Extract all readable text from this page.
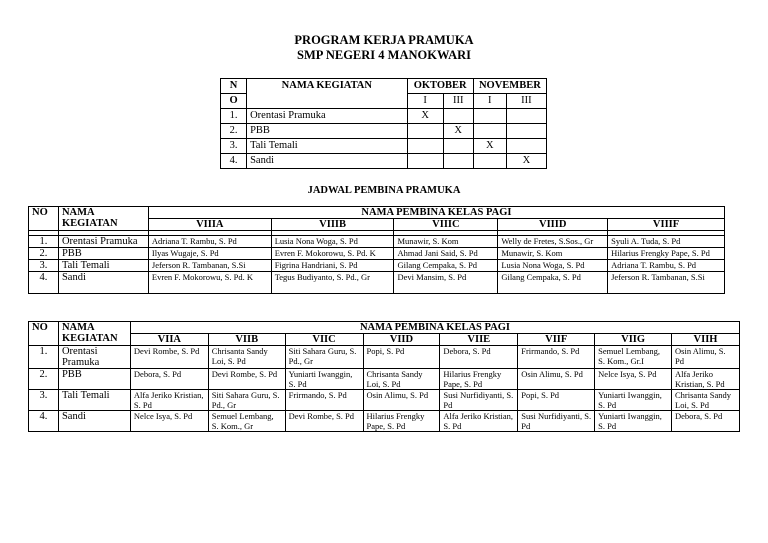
PROGRAM KERJA PRAMUKA
SMP NEGERI 4 MANOKWARI
N	NAMA KEGIATAN	OKTOBER		NOVEMBER	
O		I	III	I	III
1.	Orentasi Pramuka	X			
2.	PBB		X		
3.	Tali Temali			X	
4.	Sandi				X
JADWAL PEMBINA PRAMUKA
NO	NAMA
KEGIATAN	NAMA PEMBINA KELAS PAGI				
		VIIIA	VIIIB	VIIIC	VIIID	VIIIF

1.	Orentasi Pramuka	Adriana T. Rambu, S. Pd	Lusia Nona Woga, S. Pd	Munawir, S. Kom	Welly de Fretes, S.Sos., Gr	Syuli A. Tuda, S. Pd
2.	PBB	Ilyas Wugaje, S. Pd	Evren F. Mokorowu, S. Pd. K	Ahmad Jani Said, S. Pd	Munawir, S. Kom	Hilarius Frengky Pape, S. Pd
3.	Tali Temali	Jeferson R. Tambanan, S.Si	Figrina Handriani, S. Pd	Gilang Cempaka, S. Pd	Lusia Nona Woga, S. Pd	Adriana T. Rambu, S. Pd
4.	Sandi	Evren F. Mokorowu, S. Pd. K	Tegus Budiyanto, S. Pd., Gr	Devi Mansim, S. Pd	Gilang Cempaka, S. Pd	Jeferson R. Tambanan, S.Si
NO	NAMA
KEGIATAN	NAMA PEMBINA KELAS PAGI							
		VIIA	VIIB	VIIC	VIID	VIIE	VIIF	VIIG	VIIH
1.	Orentasi Pramuka	Devi Rombe, S. Pd	Chrisanta Sandy Loi, S. Pd	Siti Sahara Guru, S. Pd., Gr	Popi, S. Pd	Debora, S. Pd	Frirmando, S. Pd	Semuel Lembang, S. Kom., Gr.I	Osin Alimu, S. Pd
2.	PBB	Debora, S. Pd	Devi Rombe, S. Pd	Yuniarti Iwanggin, S. Pd	Chrisanta Sandy Loi, S. Pd	Hilarius Frengky Pape, S. Pd	Osin Alimu, S. Pd	Nelce Isya, S. Pd	Alfa Jeriko Kristian, S. Pd
3.	Tali Temali	Alfa Jeriko Kristian, S. Pd	Siti Sahara Guru, S. Pd., Gr	Frirmando, S. Pd	Osin Alimu, S. Pd	Susi Nurfidiyanti, S. Pd	Popi, S. Pd	Yuniarti Iwanggin, S. Pd	Chrisanta Sandy Loi, S. Pd
4.	Sandi	Nelce Isya, S. Pd	Semuel Lembang, S. Kom., Gr	Devi Rombe, S. Pd	Hilarius Frengky Pape, S. Pd	Alfa Jeriko Kristian, S. Pd	Susi Nurfidiyanti, S. Pd	Yuniarti Iwanggin, S. Pd	Debora, S. Pd
